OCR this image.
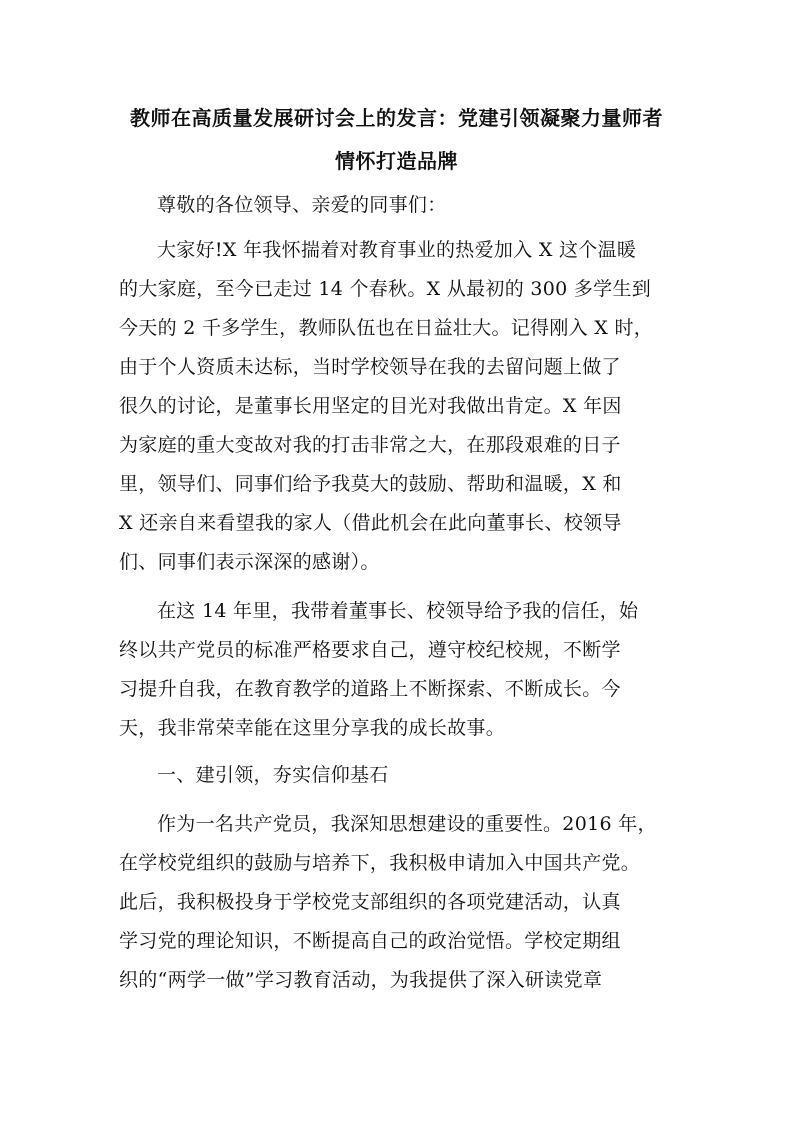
教师在高质量发展研讨会上的发言：党建引领凝聚力量师者
情怀打造品牌
尊敬的各位领导、亲爱的同事们：
大家好!X 年我怀揣着对教育事业的热爱加入 X 这个温暖
的大家庭，至今已走过 14 个春秋。X 从最初的 300 多学生到
今天的 2 千多学生，教师队伍也在日益壮大。记得刚入 X 时，
由于个人资质未达标，当时学校领导在我的去留问题上做了
很久的讨论，是董事长用坚定的目光对我做出肯定。X 年因
为家庭的重大变故对我的打击非常之大，在那段艰难的日子
里，领导们、同事们给予我莫大的鼓励、帮助和温暖，X 和
X 还亲自来看望我的家人（借此机会在此向董事长、校领导
们、同事们表示深深的感谢）。
在这 14 年里，我带着董事长、校领导给予我的信任，始
终以共产党员的标准严格要求自己，遵守校纪校规，不断学
习提升自我，在教育教学的道路上不断探索、不断成长。今
天，我非常荣幸能在这里分享我的成长故事。
一、建引领，夯实信仰基石
作为一名共产党员，我深知思想建设的重要性。2016 年，
在学校党组织的鼓励与培养下，我积极申请加入中国共产党。
此后，我积极投身于学校党支部组织的各项党建活动，认真
学习党的理论知识，不断提高自己的政治觉悟。学校定期组
织的“两学一做”学习教育活动，为我提供了深入研读党章
